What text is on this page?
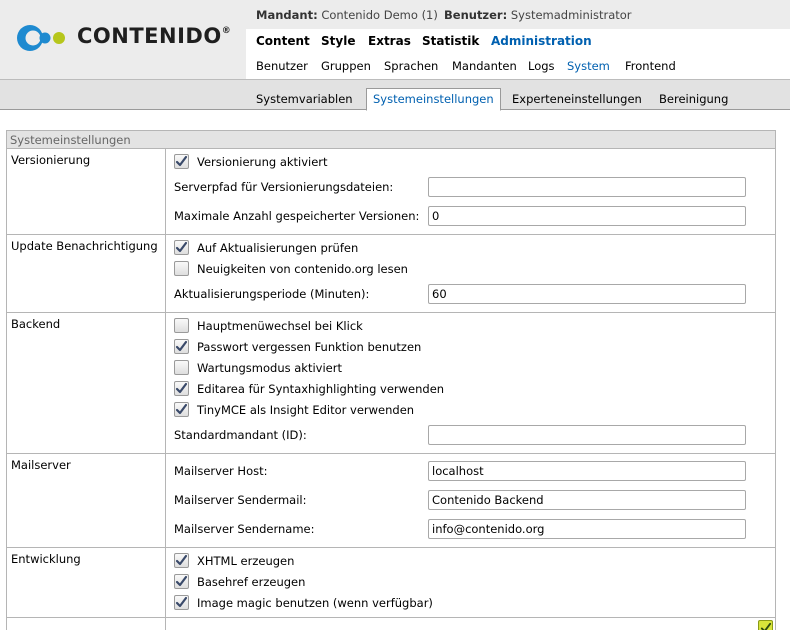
CONTENIDO®
Mandant: Contenido Demo (1) Benutzer: Systemadministrator
Content Style Extras Statistik Administration
Benutzer Gruppen Sprachen Mandanten Logs System Frontend
Systemvariablen	Systemeinstellungen	Experteneinstellungen Bereinigung
Systemeinstellungen
Versionierung	Versionierung aktiviert
Serverpfad für Versionierungsdateien:
Maximale Anzahl gespeicherter Versionen:
0
Update Benachrichtigung	Auf Aktualisierungen prüfen
Neuigkeiten von contenido.org lesen
Aktualisierungsperiode (Minuten):
60
Backend	Hauptmenüwechsel bei Klick
Passwort vergessen Funktion benutzen
Wartungsmodus aktiviert
Editarea für Syntaxhighlighting verwenden
TinyMCE als Insight Editor verwenden
Standardmandant (ID):
Mailserver	Mailserver Host:
localhost
Mailserver Sendermail:
Contenido Backend
Mailserver Sendername:
info@contenido.org
Entwicklung	XHTML erzeugen
Basehref erzeugen
Image magic benutzen (wenn verfügbar)
